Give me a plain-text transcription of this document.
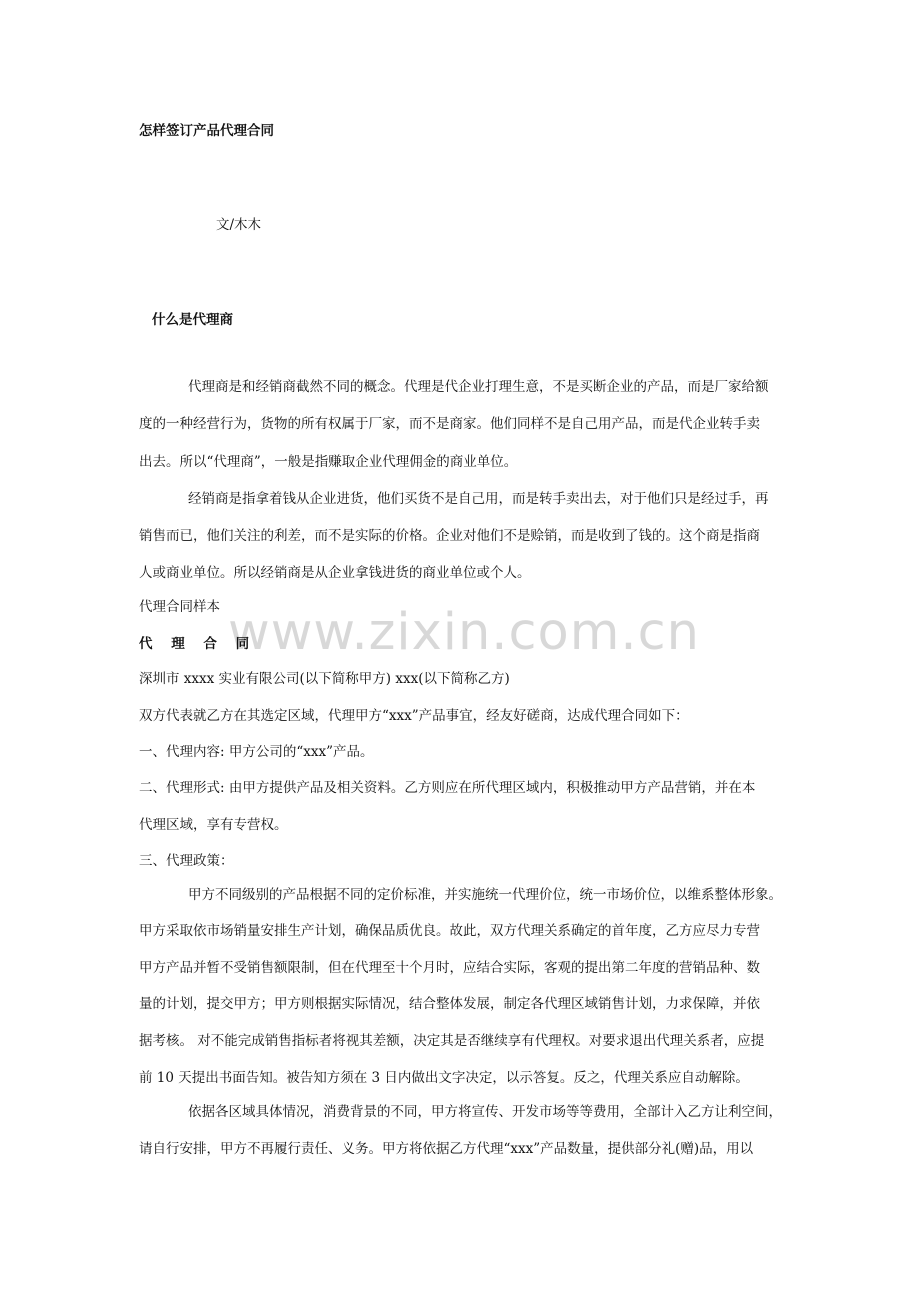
www.zixin.com.cn
怎样签订产品代理合同
文/木木
什么是代理商
代理商是和经销商截然不同的概念。代理是代企业打理生意，不是买断企业的产品，而是厂家给额
度的一种经营行为，货物的所有权属于厂家，而不是商家。他们同样不是自己用产品，而是代企业转手卖
出去。所以“代理商”，一般是指赚取企业代理佣金的商业单位。
经销商是指拿着钱从企业进货，他们买货不是自己用，而是转手卖出去，对于他们只是经过手，再
销售而已，他们关注的利差，而不是实际的价格。企业对他们不是赊销，而是收到了钱的。这个商是指商
人或商业单位。所以经销商是从企业拿钱进货的商业单位或个人。
代理合同样本
代 理 合 同
深圳市 xxxx 实业有限公司(以下简称甲方) xxx(以下简称乙方)
双方代表就乙方在其选定区域，代理甲方“xxx”产品事宜，经友好磋商，达成代理合同如下：
一、代理内容: 甲方公司的“xxx”产品。
二、代理形式: 由甲方提供产品及相关资料。乙方则应在所代理区域内，积极推动甲方产品营销，并在本
代理区域，享有专营权。
三、代理政策：
甲方不同级别的产品根据不同的定价标准，并实施统一代理价位，统一市场价位，以维系整体形象。
甲方采取依市场销量安排生产计划，确保品质优良。故此，双方代理关系确定的首年度，乙方应尽力专营
甲方产品并暂不受销售额限制，但在代理至十个月时，应结合实际，客观的提出第二年度的营销品种、数
量的计划，提交甲方；甲方则根据实际情况，结合整体发展，制定各代理区域销售计划，力求保障，并依
据考核。 对不能完成销售指标者将视其差额，决定其是否继续享有代理权。对要求退出代理关系者，应提
前 10 天提出书面告知。被告知方须在 3 日内做出文字决定，以示答复。反之，代理关系应自动解除。
依据各区域具体情况，消费背景的不同，甲方将宣传、开发市场等等费用，全部计入乙方让利空间，
请自行安排，甲方不再履行责任、义务。甲方将依据乙方代理“xxx”产品数量，提供部分礼(赠)品，用以
